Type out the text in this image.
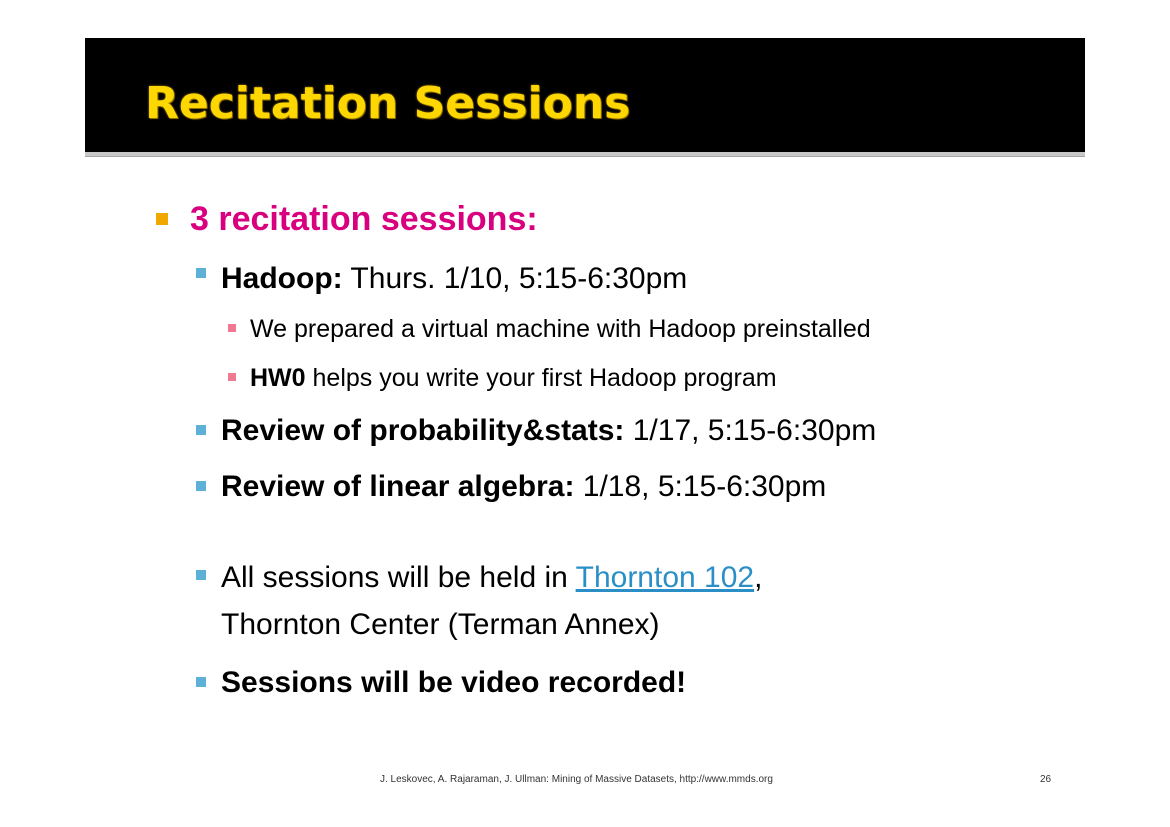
Recitation Sessions
3 recitation sessions:
Hadoop: Thurs. 1/10, 5:15-6:30pm
We prepared a virtual machine with Hadoop preinstalled
HW0 helps you write your first Hadoop program
Review of probability&stats: 1/17, 5:15-6:30pm
Review of linear algebra: 1/18, 5:15-6:30pm
All sessions will be held in Thornton 102,
Thornton Center (Terman Annex)
Sessions will be video recorded!
J. Leskovec, A. Rajaraman, J. Ullman: Mining of Massive Datasets, http://www.mmds.org	26
